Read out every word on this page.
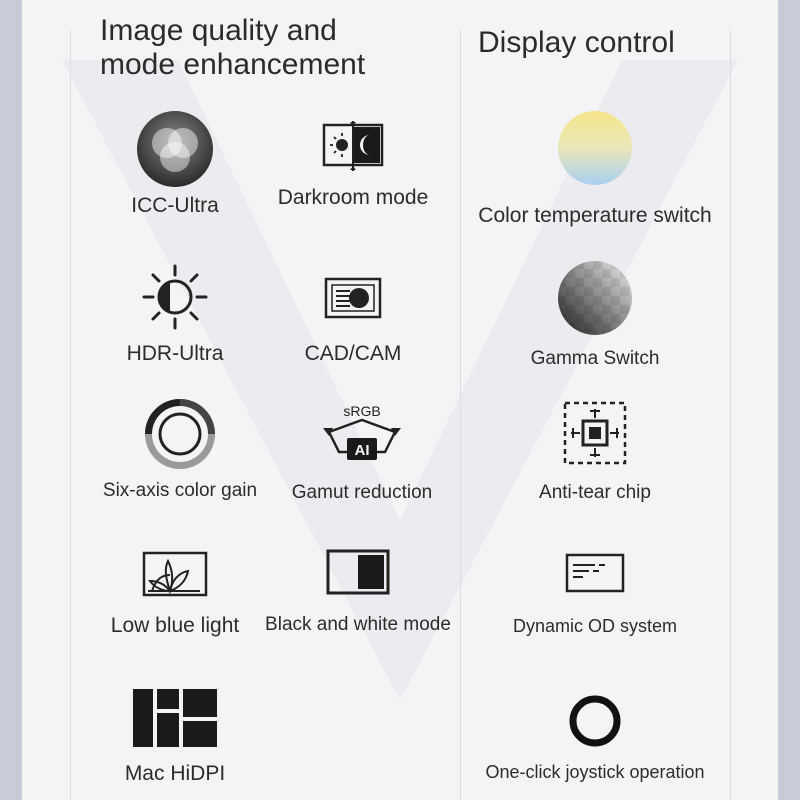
Image quality and
mode enhancement
Display control
ICC-Ultra
HDR-Ultra
Six-axis color gain
Low blue light
Mac HiDPI
Darkroom mode
CAD/CAM
sRGB
AI
Gamut reduction
Black and white mode
Color temperature switch
Gamma Switch
Anti-tear chip
Dynamic OD system
One-click joystick operation
